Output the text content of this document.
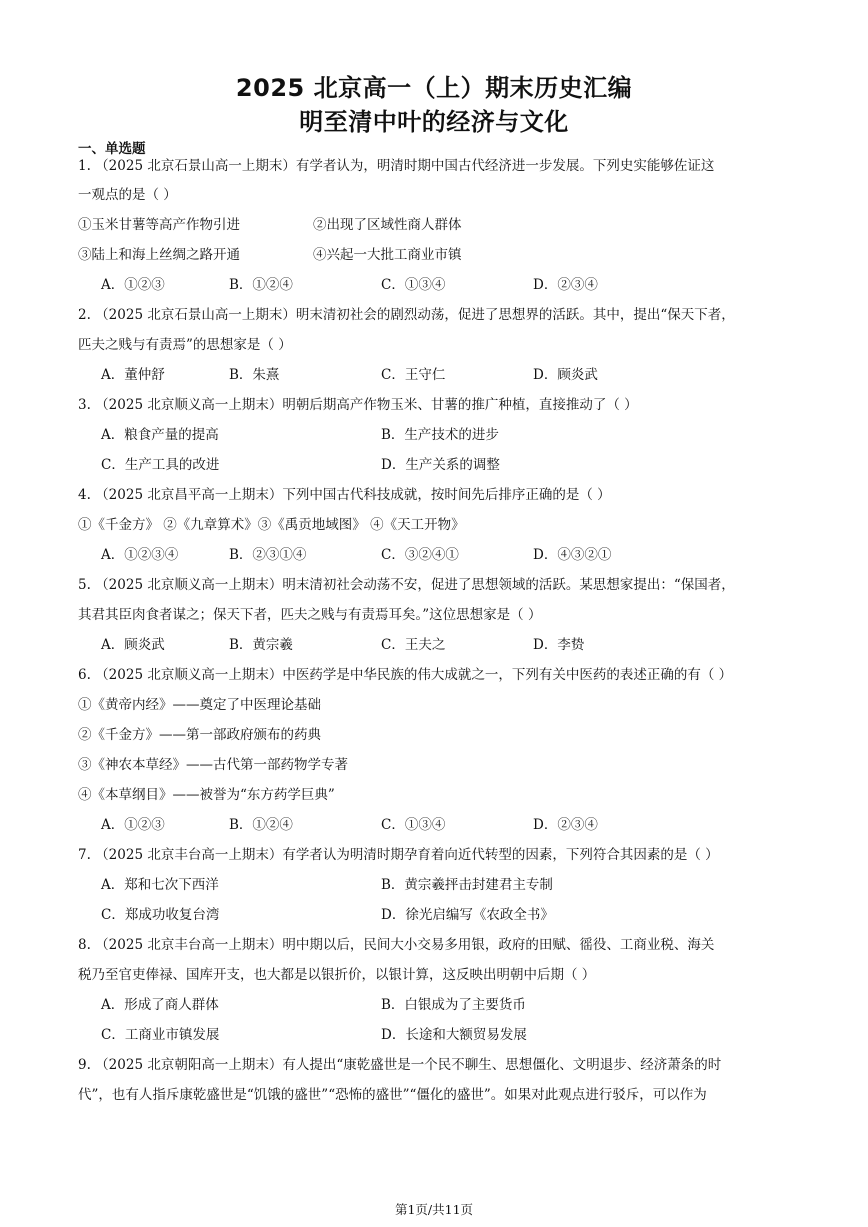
2025 北京高一（上）期末历史汇编
明至清中叶的经济与文化
一、单选题
1. （2025 北京石景山高一上期末）有学者认为，明清时期中国古代经济进一步发展。下列史实能够佐证这
一观点的是（ ）
①玉米甘薯等高产作物引进	②出现了区域性商人群体
③陆上和海上丝绸之路开通	④兴起一大批工商业市镇
A．①②③	B．①②④	C．①③④	D．②③④
2. （2025 北京石景山高一上期末）明末清初社会的剧烈动荡，促进了思想界的活跃。其中，提出“保天下者，
匹夫之贱与有责焉”的思想家是（ ）
A．董仲舒	B．朱熹	C．王守仁	D．顾炎武
3. （2025 北京顺义高一上期末）明朝后期高产作物玉米、甘薯的推广种植，直接推动了（ ）
A．粮食产量的提高	B．生产技术的进步
C．生产工具的改进	D．生产关系的调整
4. （2025 北京昌平高一上期末）下列中国古代科技成就，按时间先后排序正确的是（ ）
①《千金方》 ②《九章算术》③《禹贡地域图》 ④《天工开物》
A．①②③④	B．②③①④	C．③②④①	D．④③②①
5. （2025 北京顺义高一上期末）明末清初社会动荡不安，促进了思想领域的活跃。某思想家提出：“保国者，
其君其臣肉食者谋之；保天下者，匹夫之贱与有责焉耳矣。”这位思想家是（ ）
A．顾炎武	B．黄宗羲	C．王夫之	D．李贽
6. （2025 北京顺义高一上期末）中医药学是中华民族的伟大成就之一，下列有关中医药的表述正确的有（ ）
①《黄帝内经》——奠定了中医理论基础
②《千金方》——第一部政府颁布的药典
③《神农本草经》——古代第一部药物学专著
④《本草纲目》——被誉为“东方药学巨典”
A．①②③	B．①②④	C．①③④	D．②③④
7. （2025 北京丰台高一上期末）有学者认为明清时期孕育着向近代转型的因素，下列符合其因素的是（ ）
A．郑和七次下西洋	B．黄宗羲抨击封建君主专制
C．郑成功收复台湾	D．徐光启编写《农政全书》
8. （2025 北京丰台高一上期末）明中期以后，民间大小交易多用银，政府的田赋、徭役、工商业税、海关
税乃至官吏俸禄、国库开支，也大都是以银折价，以银计算，这反映出明朝中后期（ ）
A．形成了商人群体	B．白银成为了主要货币
C．工商业市镇发展	D．长途和大额贸易发展
9. （2025 北京朝阳高一上期末）有人提出“康乾盛世是一个民不聊生、思想僵化、文明退步、经济萧条的时
代”，也有人指斥康乾盛世是“饥饿的盛世”“恐怖的盛世”“僵化的盛世”。如果对此观点进行驳斥，可以作为
第1页/共11页
